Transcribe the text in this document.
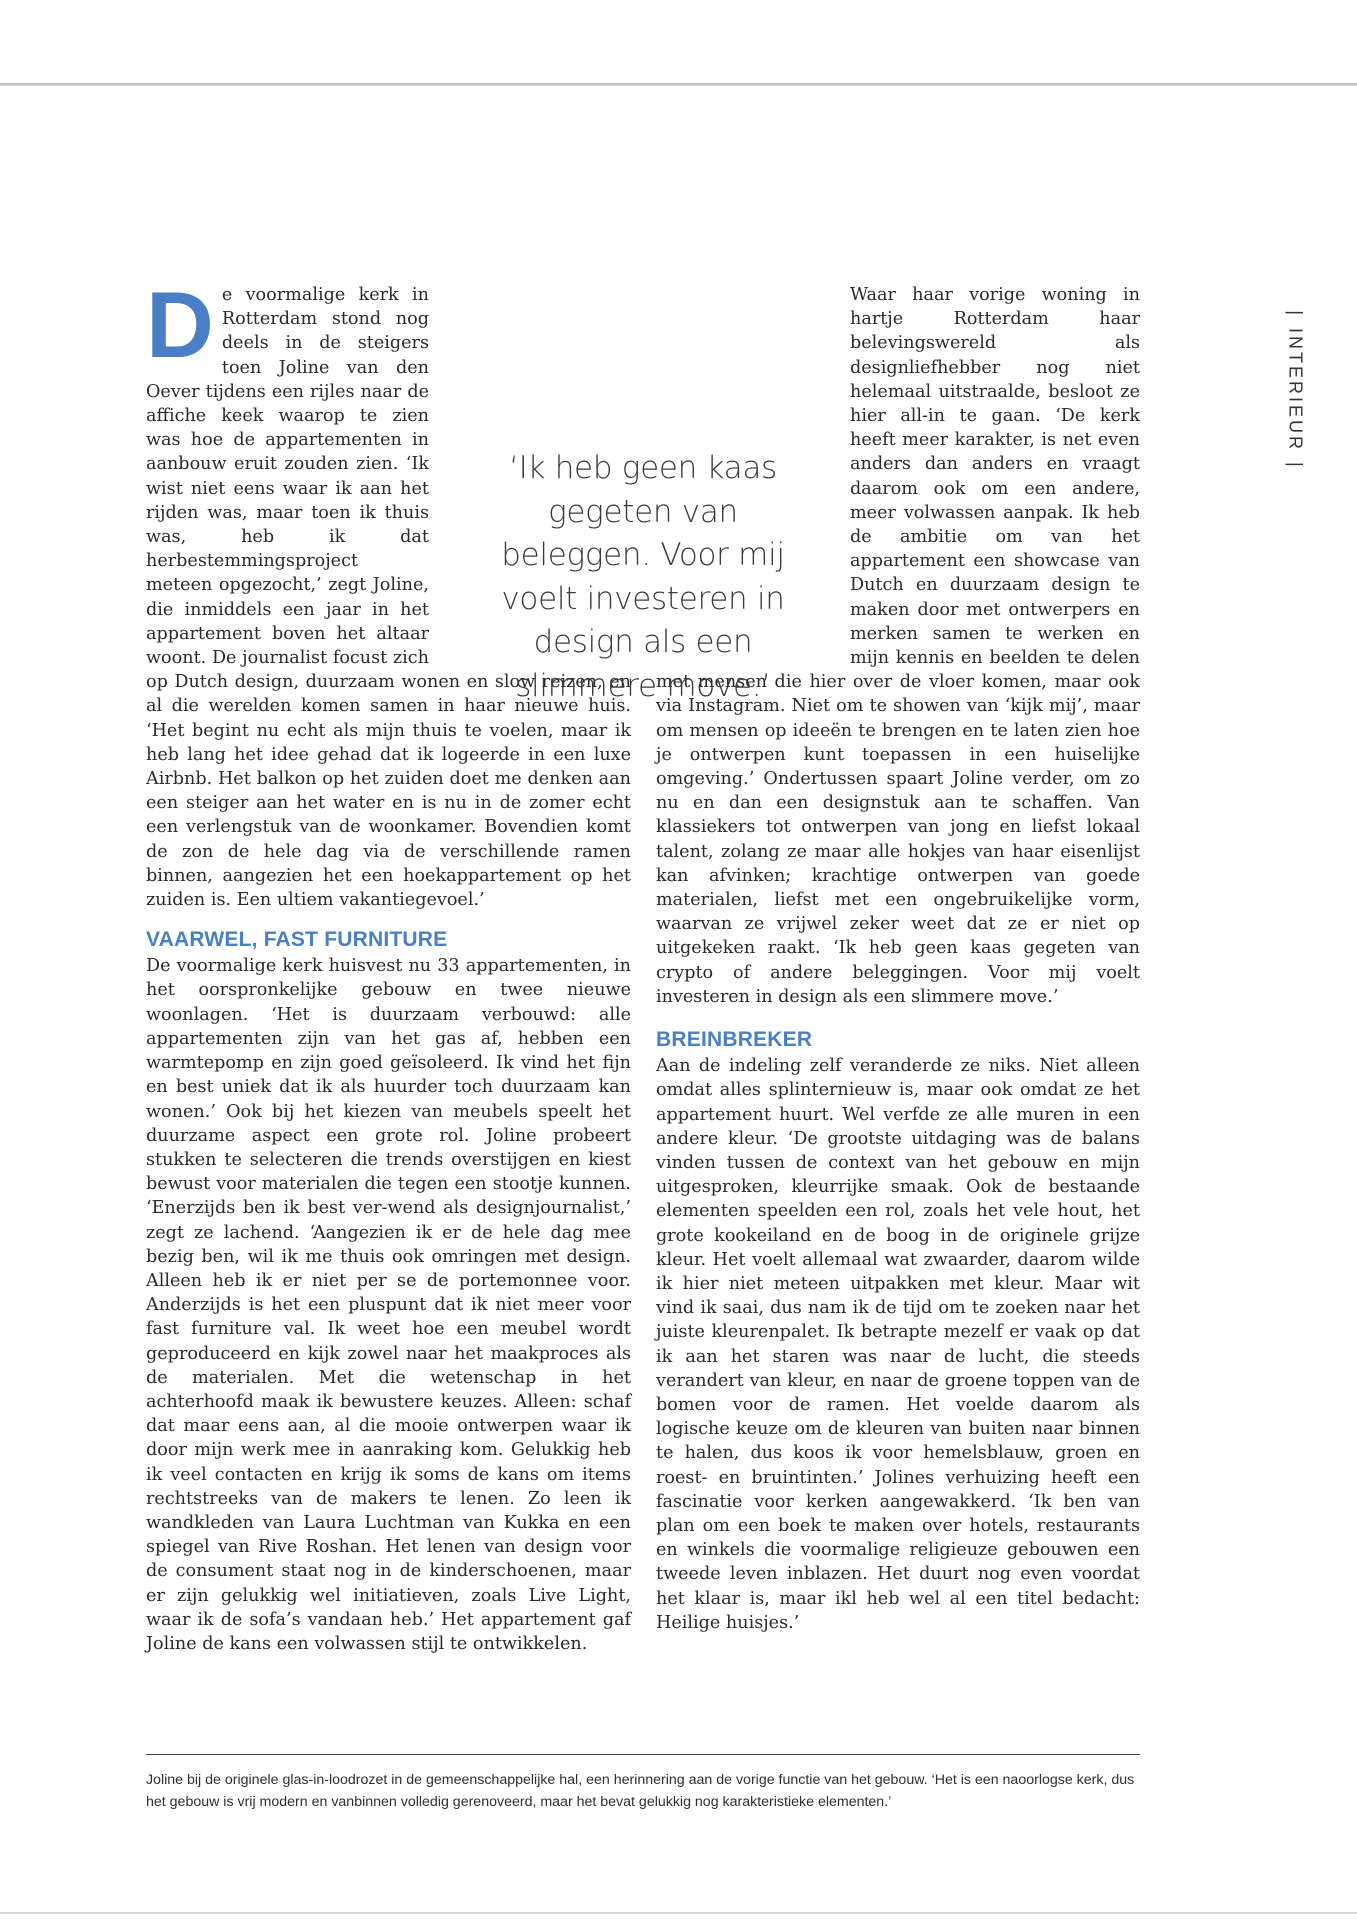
|INTERIEUR|

De voormalige kerk in Rotterdam stond nog deels in de steigers toen Joline van den Oever tijdens een rijles naar de affiche keek waarop te zien was hoe de appartementen in aanbouw eruit zouden zien. ‘Ik wist niet eens waar ik aan het rijden was, maar toen ik thuis was, heb ik dat herbestemmingsproject meteen opgezocht,’ zegt Joline, die inmiddels een jaar in het appartement boven het altaar woont. De journalist focust zich op Dutch design, duurzaam wonen en slow reizen, en al die werelden komen samen in haar nieuwe huis. ‘Het begint nu echt als mijn thuis te voelen, maar ik heb lang het idee gehad dat ik logeerde in een luxe Airbnb. Het balkon op het zuiden doet me denken aan een steiger aan het water en is nu in de zomer echt een verlengstuk van de woonkamer. Bovendien komt de zon de hele dag via de verschillende ramen binnen, aangezien het een hoekappartement op het zuiden is. Een ultiem vakantiegevoel.’

VAARWEL, FAST FURNITURE

De voormalige kerk huisvest nu 33 appartementen, in het oorspronkelijke gebouw en twee nieuwe woonlagen. ‘Het is duurzaam verbouwd: alle appartementen zijn van het gas af, hebben een warmtepomp en zijn goed geïsoleerd. Ik vind het fijn en best uniek dat ik als huurder toch duurzaam kan wonen.’ Ook bij het kiezen van meubels speelt het duurzame aspect een grote rol. Joline probeert stukken te selecteren die trends overstijgen en kiest bewust voor materialen die tegen een stootje kunnen. ‘Enerzijds ben ik best ver-wend als designjournalist,’ zegt ze lachend. ‘Aangezien ik er de hele dag mee bezig ben, wil ik me thuis ook omringen met design. Alleen heb ik er niet per se de portemonnee voor. Anderzijds is het een pluspunt dat ik niet meer voor fast furniture val. Ik weet hoe een meubel wordt geproduceerd en kijk zowel naar het maakproces als de materialen. Met die wetenschap in het achterhoofd maak ik bewustere keuzes. Alleen: schaf dat maar eens aan, al die mooie ontwerpen waar ik door mijn werk mee in aanraking kom. Gelukkig heb ik veel contacten en krijg ik soms de kans om items rechtstreeks van de makers te lenen. Zo leen ik wandkleden van Laura Luchtman van Kukka en een spiegel van Rive Roshan. Het lenen van design voor de consument staat nog in de kinderschoenen, maar er zijn gelukkig wel initiatieven, zoals Live Light, waar ik de sofa’s vandaan heb.’ Het appartement gaf Joline de kans een volwassen stijl te ontwikkelen.

Waar haar vorige woning in hartje Rotterdam haar belevingswereld als designliefhebber nog niet helemaal uitstraalde, besloot ze hier all-in te gaan. ‘De kerk heeft meer karakter, is net even anders dan anders en vraagt daarom ook om een andere, meer volwassen aanpak. Ik heb de ambitie om van het appartement een showcase van Dutch en duurzaam design te maken door met ontwerpers en merken samen te werken en mijn kennis en beelden te delen met mensen die hier over de vloer komen, maar ook via Instagram. Niet om te showen van ‘kijk mij’, maar om mensen op ideeën te brengen en te laten zien hoe je ontwerpen kunt toepassen in een huiselijke omgeving.’ Ondertussen spaart Joline verder, om zo nu en dan een designstuk aan te schaffen. Van klassiekers tot ontwerpen van jong en liefst lokaal talent, zolang ze maar alle hokjes van haar eisenlijst kan afvinken; krachtige ontwerpen van goede materialen, liefst met een ongebruikelijke vorm, waarvan ze vrijwel zeker weet dat ze er niet op uitgekeken raakt. ‘Ik heb geen kaas gegeten van crypto of andere beleggingen. Voor mij voelt investeren in design als een slimmere move.’

BREINBREKER

Aan de indeling zelf veranderde ze niks. Niet alleen omdat alles splinternieuw is, maar ook omdat ze het appartement huurt. Wel verfde ze alle muren in een andere kleur. ‘De grootste uitdaging was de balans vinden tussen de context van het gebouw en mijn uitgesproken, kleurrijke smaak. Ook de bestaande elementen speelden een rol, zoals het vele hout, het grote kookeiland en de boog in de originele grijze kleur. Het voelt allemaal wat zwaarder, daarom wilde ik hier niet meteen uitpakken met kleur. Maar wit vind ik saai, dus nam ik de tijd om te zoeken naar het juiste kleurenpalet. Ik betrapte mezelf er vaak op dat ik aan het staren was naar de lucht, die steeds verandert van kleur, en naar de groene toppen van de bomen voor de ramen. Het voelde daarom als logische keuze om de kleuren van buiten naar binnen te halen, dus koos ik voor hemelsblauw, groen en roest- en bruintinten.’ Jolines verhuizing heeft een fascinatie voor kerken aangewakkerd. ‘Ik ben van plan om een boek te maken over hotels, restaurants en winkels die voormalige religieuze gebouwen een tweede leven inblazen. Het duurt nog even voordat het klaar is, maar ikl heb wel al een titel bedacht: Heilige huisjes.’

‘Ik heb geen kaas gegeten van beleggen. Voor mij voelt investeren in design als een slimmere move.’

Joline bij de originele glas-in-loodrozet in de gemeenschappelijke hal, een herinnering aan de vorige functie van het gebouw. ‘Het is een naoorlogse kerk, dus het gebouw is vrij modern en vanbinnen volledig gerenoveerd, maar het bevat gelukkig nog karakteristieke elementen.’
